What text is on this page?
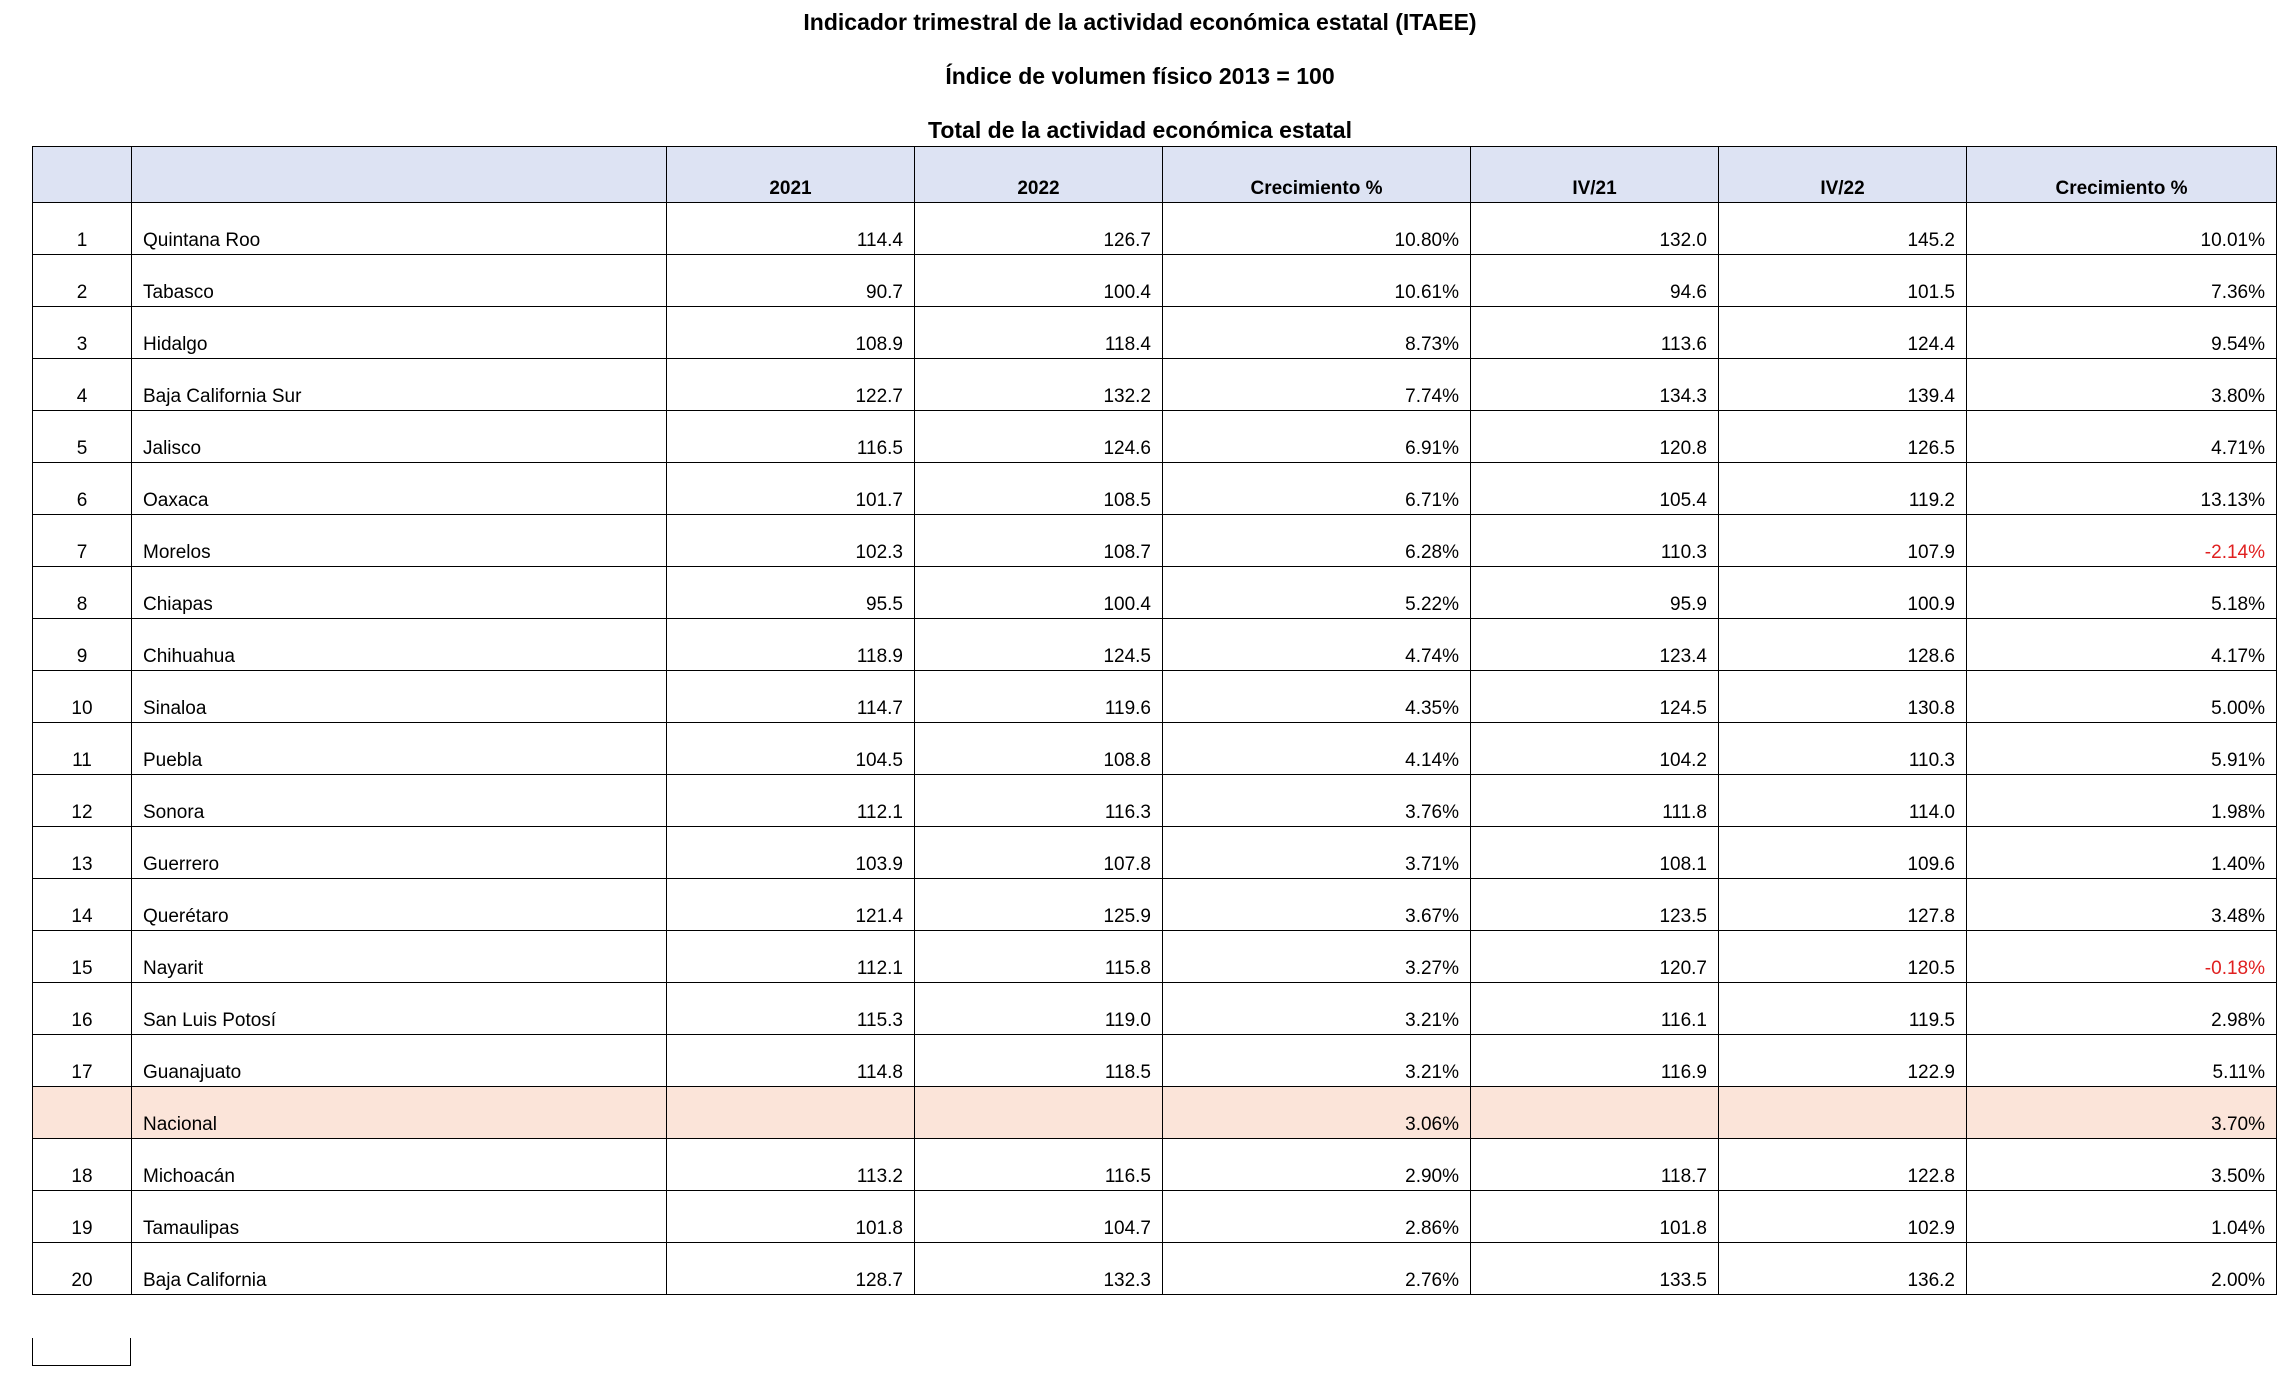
Indicador trimestral de la actividad económica estatal (ITAEE)
Índice de volumen físico 2013 = 100
Total de la actividad económica estatal
		2021	2022	Crecimiento %	IV/21	IV/22	Crecimiento %
1	Quintana Roo	114.4	126.7	10.80%	132.0	145.2	10.01%
2	Tabasco	90.7	100.4	10.61%	94.6	101.5	7.36%
3	Hidalgo	108.9	118.4	8.73%	113.6	124.4	9.54%
4	Baja California Sur	122.7	132.2	7.74%	134.3	139.4	3.80%
5	Jalisco	116.5	124.6	6.91%	120.8	126.5	4.71%
6	Oaxaca	101.7	108.5	6.71%	105.4	119.2	13.13%
7	Morelos	102.3	108.7	6.28%	110.3	107.9	-2.14%
8	Chiapas	95.5	100.4	5.22%	95.9	100.9	5.18%
9	Chihuahua	118.9	124.5	4.74%	123.4	128.6	4.17%
10	Sinaloa	114.7	119.6	4.35%	124.5	130.8	5.00%
11	Puebla	104.5	108.8	4.14%	104.2	110.3	5.91%
12	Sonora	112.1	116.3	3.76%	111.8	114.0	1.98%
13	Guerrero	103.9	107.8	3.71%	108.1	109.6	1.40%
14	Querétaro	121.4	125.9	3.67%	123.5	127.8	3.48%
15	Nayarit	112.1	115.8	3.27%	120.7	120.5	-0.18%
16	San Luis Potosí	115.3	119.0	3.21%	116.1	119.5	2.98%
17	Guanajuato	114.8	118.5	3.21%	116.9	122.9	5.11%
	Nacional			3.06%			3.70%
18	Michoacán	113.2	116.5	2.90%	118.7	122.8	3.50%
19	Tamaulipas	101.8	104.7	2.86%	101.8	102.9	1.04%
20	Baja California	128.7	132.3	2.76%	133.5	136.2	2.00%
